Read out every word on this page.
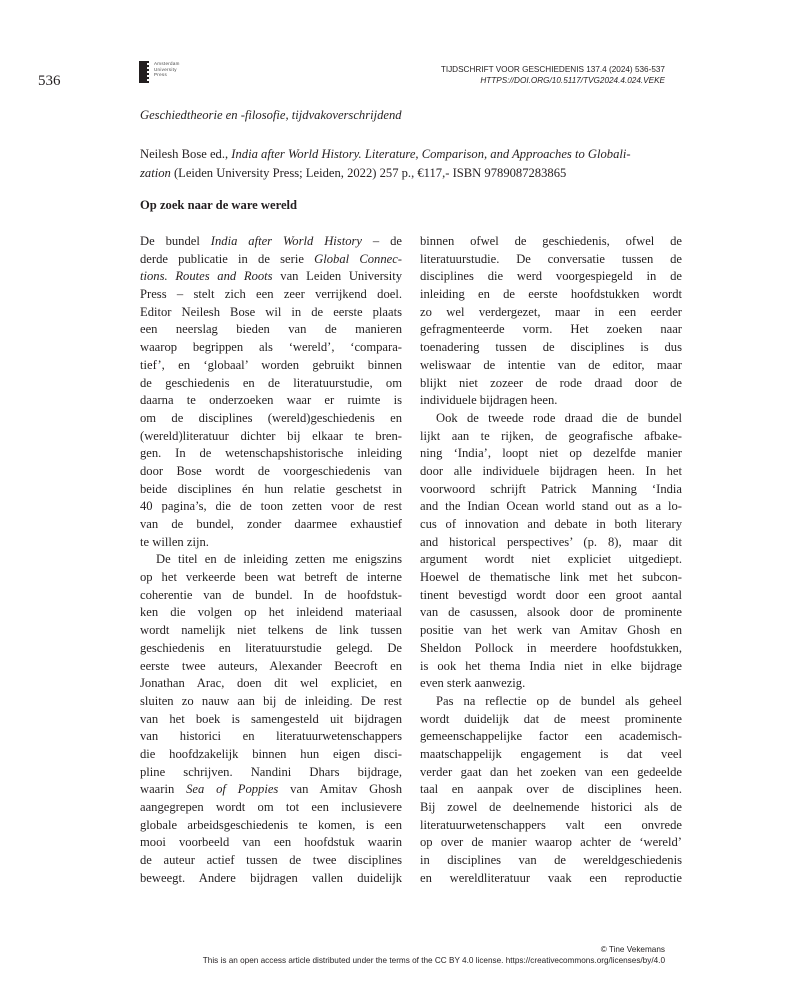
536
Amsterdam
University
Press
TIJDSCHRIFT VOOR GESCHIEDENIS 137.4 (2024) 536-537
HTTPS://DOI.ORG/10.5117/TVG2024.4.024.VEKE
Geschiedtheorie en -filosofie, tijdvakoverschrijdend
Neilesh Bose ed., India after World History. Literature, Comparison, and Approaches to Globali-
zation (Leiden University Press; Leiden, 2022) 257 p., €117,- ISBN 9789087283865
Op zoek naar de ware wereld
De bundel India after World History – de
derde publicatie in de serie Global Connec-
tions. Routes and Roots van Leiden University
Press – stelt zich een zeer verrijkend doel.
Editor Neilesh Bose wil in de eerste plaats
een neerslag bieden van de manieren
waarop begrippen als ‘wereld’, ‘compara-
tief’, en ‘globaal’ worden gebruikt binnen
de geschiedenis en de literatuurstudie, om
daarna te onderzoeken waar er ruimte is
om de disciplines (wereld)geschiedenis en
(wereld)literatuur dichter bij elkaar te bren-
gen. In de wetenschapshistorische inleiding
door Bose wordt de voorgeschiedenis van
beide disciplines én hun relatie geschetst in
40 pagina’s, die de toon zetten voor de rest
van de bundel, zonder daarmee exhaustief
te willen zijn.
De titel en de inleiding zetten me enigszins
op het verkeerde been wat betreft de interne
coherentie van de bundel. In de hoofdstuk-
ken die volgen op het inleidend materiaal
wordt namelijk niet telkens de link tussen
geschiedenis en literatuurstudie gelegd. De
eerste twee auteurs, Alexander Beecroft en
Jonathan Arac, doen dit wel expliciet, en
sluiten zo nauw aan bij de inleiding. De rest
van het boek is samengesteld uit bijdragen
van historici en literatuurwetenschappers
die hoofdzakelijk binnen hun eigen disci-
pline schrijven. Nandini Dhars bijdrage,
waarin Sea of Poppies van Amitav Ghosh
aangegrepen wordt om tot een inclusievere
globale arbeidsgeschiedenis te komen, is een
mooi voorbeeld van een hoofdstuk waarin
de auteur actief tussen de twee disciplines
beweegt. Andere bijdragen vallen duidelijk
binnen ofwel de geschiedenis, ofwel de
literatuurstudie. De conversatie tussen de
disciplines die werd voorgespiegeld in de
inleiding en de eerste hoofdstukken wordt
zo wel verdergezet, maar in een eerder
gefragmenteerde vorm. Het zoeken naar
toenadering tussen de disciplines is dus
weliswaar de intentie van de editor, maar
blijkt niet zozeer de rode draad door de
individuele bijdragen heen.
Ook de tweede rode draad die de bundel
lijkt aan te rijken, de geografische afbake-
ning ‘India’, loopt niet op dezelfde manier
door alle individuele bijdragen heen. In het
voorwoord schrijft Patrick Manning ‘India
and the Indian Ocean world stand out as a lo-
cus of innovation and debate in both literary
and historical perspectives’ (p. 8), maar dit
argument wordt niet expliciet uitgediept.
Hoewel de thematische link met het subcon-
tinent bevestigd wordt door een groot aantal
van de casussen, alsook door de prominente
positie van het werk van Amitav Ghosh en
Sheldon Pollock in meerdere hoofdstukken,
is ook het thema India niet in elke bijdrage
even sterk aanwezig.
Pas na reflectie op de bundel als geheel
wordt duidelijk dat de meest prominente
gemeenschappelijke factor een academisch-
maatschappelijk engagement is dat veel
verder gaat dan het zoeken van een gedeelde
taal en aanpak over de disciplines heen.
Bij zowel de deelnemende historici als de
literatuurwetenschappers valt een onvrede
op over de manier waarop achter de ‘wereld’
in disciplines van de wereldgeschiedenis
en wereldliteratuur vaak een reproductie
© Tine Vekemans
This is an open access article distributed under the terms of the CC BY 4.0 license. https://creativecommons.org/licenses/by/4.0
